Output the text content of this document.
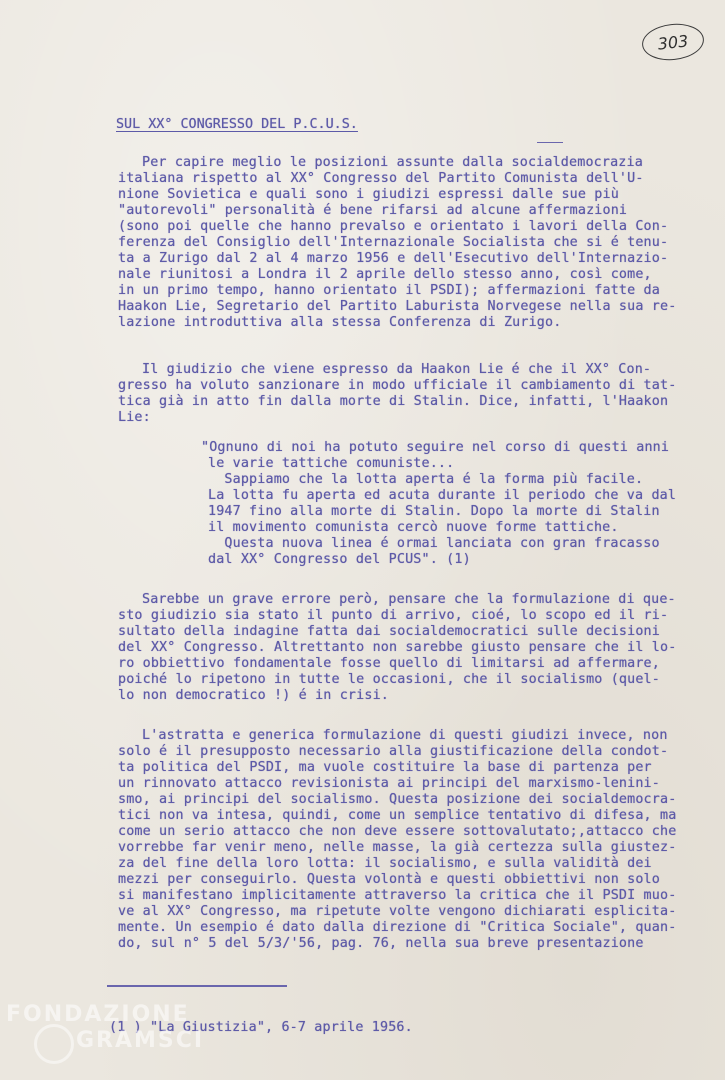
303
SUL XX° CONGRESSO DEL P.C.U.S.
Per capire meglio le posizioni assunte dalla socialdemocrazia
italiana rispetto al XX° Congresso del Partito Comunista dell'U-
nione Sovietica e quali sono i giudizi espressi dalle sue più
"autorevoli" personalità é bene rifarsi ad alcune affermazioni
(sono poi quelle che hanno prevalso e orientato i lavori della Con-
ferenza del Consiglio dell'Internazionale Socialista che si é tenu-
ta a Zurigo dal 2 al 4 marzo 1956 e dell'Esecutivo dell'Internazio-
nale riunitosi a Londra il 2 aprile dello stesso anno, così come,
in un primo tempo, hanno orientato il PSDI); affermazioni fatte da
Haakon Lie, Segretario del Partito Laburista Norvegese nella sua re-
lazione introduttiva alla stessa Conferenza di Zurigo.
Il giudizio che viene espresso da Haakon Lie é che il XX° Con-
gresso ha voluto sanzionare in modo ufficiale il cambiamento di tat-
tica già in atto fin dalla morte di Stalin. Dice, infatti, l'Haakon
Lie:
"Ognuno di noi ha potuto seguire nel corso di questi anni
le varie tattiche comuniste...
Sappiamo che la lotta aperta é la forma più facile.
La lotta fu aperta ed acuta durante il periodo che va dal
1947 fino alla morte di Stalin. Dopo la morte di Stalin
il movimento comunista cercò nuove forme tattiche.
Questa nuova linea é ormai lanciata con gran fracasso
dal XX° Congresso del PCUS". (1)
Sarebbe un grave errore però, pensare che la formulazione di que-
sto giudizio sia stato il punto di arrivo, cioé, lo scopo ed il ri-
sultato della indagine fatta dai socialdemocratici sulle decisioni
del XX° Congresso. Altrettanto non sarebbe giusto pensare che il lo-
ro obbiettivo fondamentale fosse quello di limitarsi ad affermare,
poiché lo ripetono in tutte le occasioni, che il socialismo (quel-
lo non democratico !) é in crisi.
L'astratta e generica formulazione di questi giudizi invece, non
solo é il presupposto necessario alla giustificazione della condot-
ta politica del PSDI, ma vuole costituire la base di partenza per
un rinnovato attacco revisionista ai principi del marxismo-lenini-
smo, ai principi del socialismo. Questa posizione dei socialdemocra-
tici non va intesa, quindi, come un semplice tentativo di difesa, ma
come un serio attacco che non deve essere sottovalutato;,attacco che
vorrebbe far venir meno, nelle masse, la già certezza sulla giustez-
za del fine della loro lotta: il socialismo, e sulla validità dei
mezzi per conseguirlo. Questa volontà e questi obbiettivi non solo
si manifestano implicitamente attraverso la critica che il PSDI muo-
ve al XX° Congresso, ma ripetute volte vengono dichiarati esplicita-
mente. Un esempio é dato dalla direzione di "Critica Sociale", quan-
do, sul n° 5 del 5/3/'56, pag. 76, nella sua breve presentazione
(1 ) "La Giustizia", 6-7 aprile 1956.
FONDAZIONE
GRAMSCI
